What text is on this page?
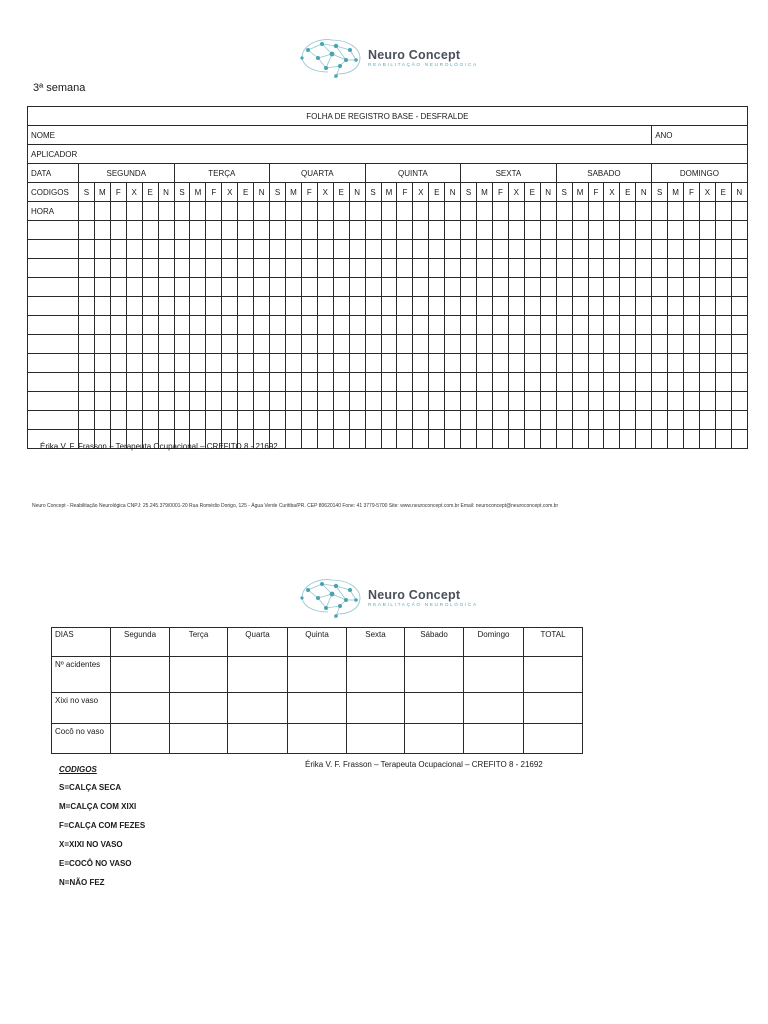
Neuro Concept
REABILITAÇÃO NEUROLÓGICA
3ª semana
FOLHA DE REGISTRO BASE - DESFRALDE																																										
NOME																																					ANO					
APLICADOR																																										
DATA	SEGUNDA						TERÇA						QUARTA						QUINTA						SEXTA						SABADO						DOMINGO					
CODIGOS	S	M	F	X	E	N	S	M	F	X	E	N	S	M	F	X	E	N	S	M	F	X	E	N	S	M	F	X	E	N	S	M	F	X	E	N	S	M	F	X	E	N
HORA																																										

Érika V. F. Frasson – Terapeuta Ocupacional – CREFITO 8 - 21692
Neuro Concept - Reabilitação Neurológica CNPJ: 25.245.379/0001-20 Rua Romédio Dorigo, 125 - Água Verde Curitiba/PR. CEP 80620140 Fone: 41 3779-5700 Site: www.neuroconcept.com.br Email: neuroconcept@neuroconcept.com.br
Neuro Concept
REABILITAÇÃO NEUROLÓGICA
DIAS	Segunda	Terça	Quarta	Quinta	Sexta	Sábado	Domingo	TOTAL
Nº acidentes								
Xixi no vaso								
Cocô no vaso								
Érika V. F. Frasson – Terapeuta Ocupacional – CREFITO 8 - 21692
CODIGOS
S=CALÇA SECA
M=CALÇA COM XIXI
F=CALÇA COM FEZES
X=XIXI NO VASO
E=COCÔ NO VASO
N=NÃO FEZ
